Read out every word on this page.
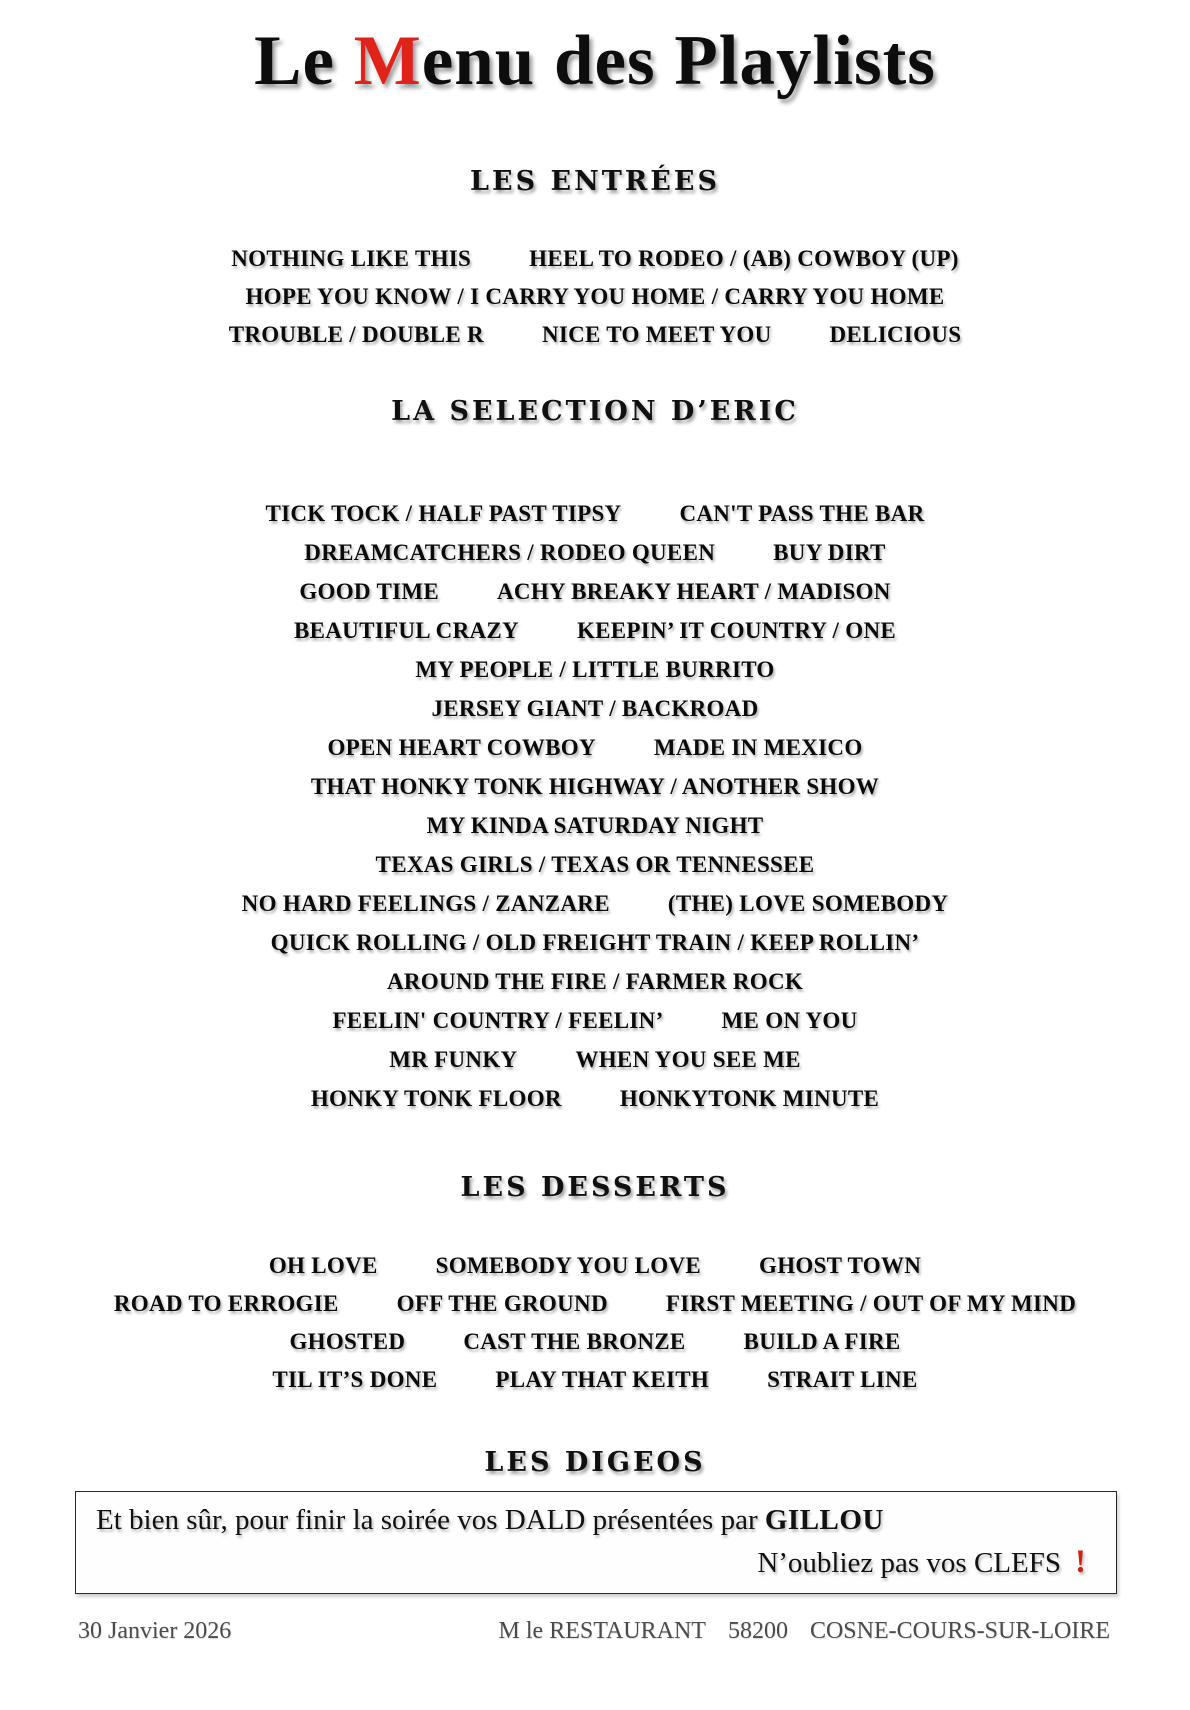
Le Menu des Playlists
LES ENTRÉES
NOTHING LIKE THIS	HEEL TO RODEO / (AB) COWBOY (UP)
HOPE YOU KNOW / I CARRY YOU HOME / CARRY YOU HOME
TROUBLE / DOUBLE R	NICE TO MEET YOU	DELICIOUS
LA SELECTION D’ERIC
TICK TOCK / HALF PAST TIPSY	CAN'T PASS THE BAR
DREAMCATCHERS / RODEO QUEEN	BUY DIRT
GOOD TIME	ACHY BREAKY HEART / MADISON
BEAUTIFUL CRAZY	KEEPIN’ IT COUNTRY / ONE
MY PEOPLE / LITTLE BURRITO
JERSEY GIANT / BACKROAD
OPEN HEART COWBOY	MADE IN MEXICO
THAT HONKY TONK HIGHWAY / ANOTHER SHOW
MY KINDA SATURDAY NIGHT
TEXAS GIRLS / TEXAS OR TENNESSEE
NO HARD FEELINGS / ZANZARE	(THE) LOVE SOMEBODY
QUICK ROLLING / OLD FREIGHT TRAIN / KEEP ROLLIN’
AROUND THE FIRE / FARMER ROCK
FEELIN' COUNTRY / FEELIN’	ME ON YOU
MR FUNKY	WHEN YOU SEE ME
HONKY TONK FLOOR	HONKYTONK MINUTE
LES DESSERTS
OH LOVE	SOMEBODY YOU LOVE	GHOST TOWN
ROAD TO ERROGIE	OFF THE GROUND	FIRST MEETING / OUT OF MY MIND
GHOSTED	CAST THE BRONZE	BUILD A FIRE
TIL IT’S DONE	PLAY THAT KEITH	STRAIT LINE
LES DIGEOS

Et bien sûr, pour finir la soirée vos DALD présentées par GILLOU

N’oubliez pas vos CLEFS !

30 Janvier 2026	M le RESTAURANT 58200 COSNE-COURS-SUR-LOIRE
